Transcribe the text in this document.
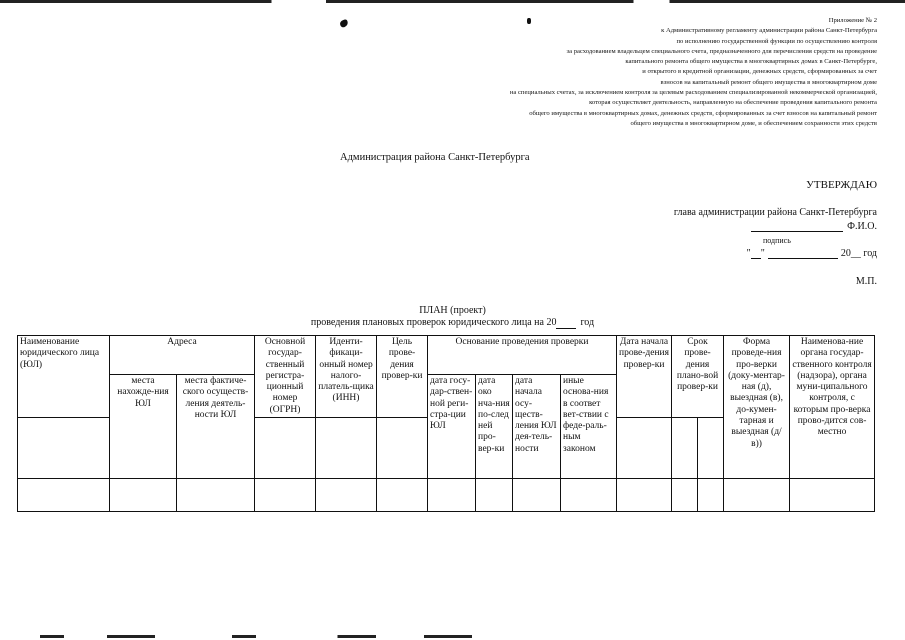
Приложение № 2
к Административному регламенту администрации района Санкт-Петербурга
по исполнению государственной функции по осуществлению контроля
за расходованием владельцем специального счета, предназначенного для перечисления средств на проведение
капитального ремонта общего имущества в многоквартирных домах в Санкт-Петербурге,
и открытого в кредитной организации, денежных средств, сформированных за счет
взносов на капитальный ремонт общего имущества в многоквартирном доме
на специальных счетах, за исключением контроля за целевым расходованием специализированной некоммерческой организацией,
которая осуществляет деятельность, направленную на обеспечение проведения капитального ремонта
общего имущества в многоквартирных домах, денежных средств, сформированных за счет взносов на капитальный ремонт
общего имущества в многоквартирном доме, и обеспечением сохранности этих средств
Администрация района Санкт-Петербурга
УТВЕРЖДАЮ
глава администрации района Санкт-Петербурга
Ф.И.О.
подпись
" "	20__ год
М.П.
ПЛАН (проект)
проведения плановых проверок юридического лица на 20 год
Наименование юридического лица (ЮЛ)	Адреса		Основной государ-ственный регистра-ционный номер (ОГРН)	Иденти-фикаци-онный номер налого-платель-щика (ИНН)	Цель прове-дения провер-ки	Основание проведения проверки				Дата начала прове-дения провер-ки	Срок прове-дения плано-вой провер-ки		Форма проведе-ния про-верки (доку-ментар-ная (д), выездная (в), до-кумен-тарная и выездная (д/в))	Наименова-ние органа государ-ственного контроля (надзора), органа муни-ципального контроля, с которым про-верка прово-дится сов-местно
	места нахожде-ния ЮЛ	места фактиче-ского осуществ-ления деятель-ности ЮЛ				дата госу-дар-ствен-ной реги-стра-ции ЮЛ	дата око нча-ния по-след ней про-вер-ки	дата начала осу-ществ-ления ЮЛ дея-тель-ности	иные основа-ния в соответ вет-ствии с феде-раль-ным законом					
